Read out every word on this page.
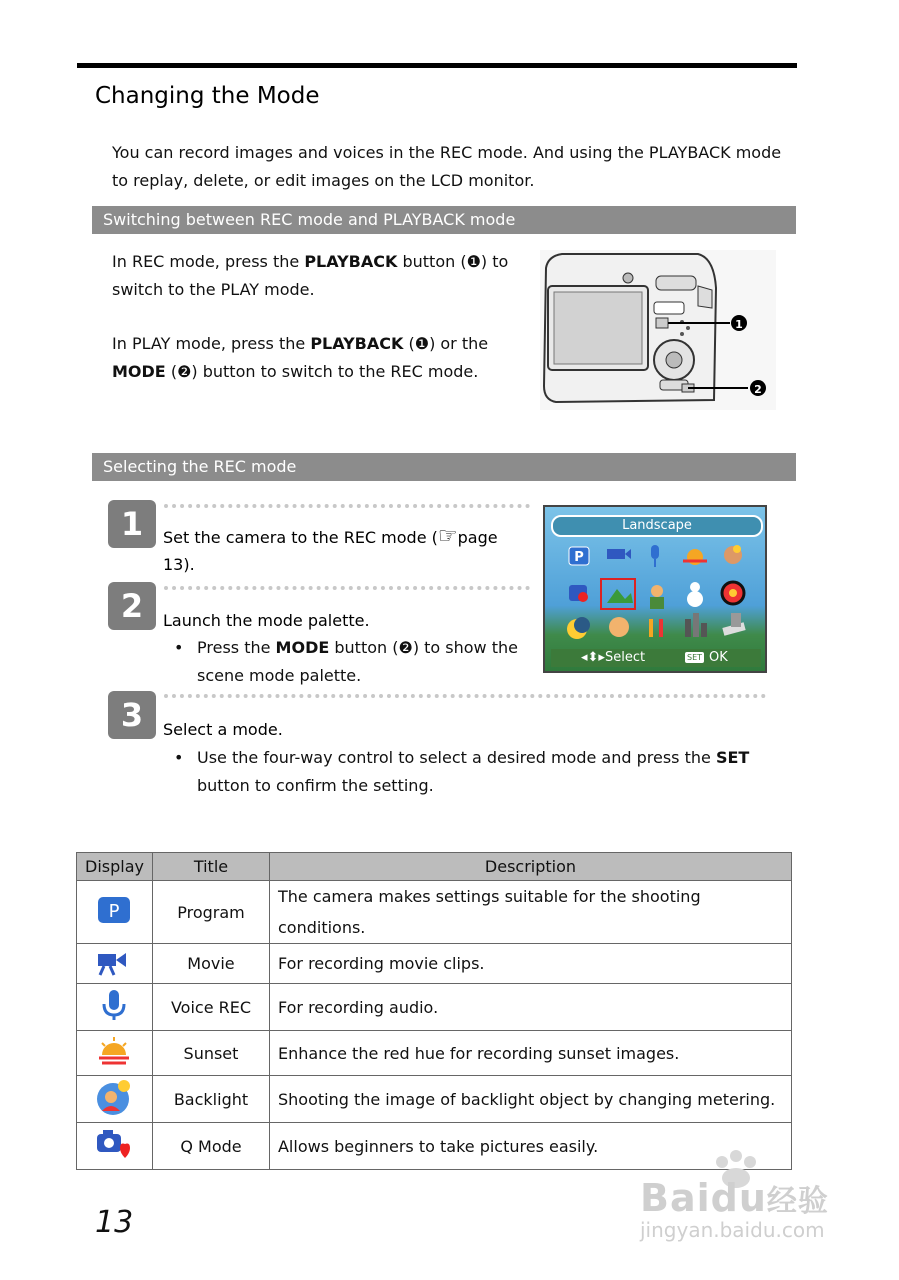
Changing the Mode
You can record images and voices in the REC mode. And using the PLAYBACK mode to replay, delete, or edit images on the LCD monitor.
Switching between REC mode and PLAYBACK mode
In REC mode, press the PLAYBACK button (❶) to switch to the PLAY mode.
In PLAY mode, press the PLAYBACK (❶) or the MODE (❷) button to switch to the REC mode.
1
2
Selecting the REC mode
1	Set the camera to the REC mode (☞page 13).
2	Launch the mode palette.
• Press the MODE button (❷) to show the scene mode palette.
3	Select a mode.
• Use the four-way control to select a desired mode and press the SET button to confirm the setting.
Landscape
P
◂⬍▸ Select	SET OK
Display	Title	Description

P	Program	The camera makes settings suitable for the shooting conditions.
	Movie	For recording movie clips.
	Voice REC	For recording audio.
	Sunset	Enhance the red hue for recording sunset images.
	Backlight	Shooting the image of backlight object by changing metering.
	Q Mode	Allows beginners to take pictures easily.
13
Baidu经验
jingyan.baidu.com
